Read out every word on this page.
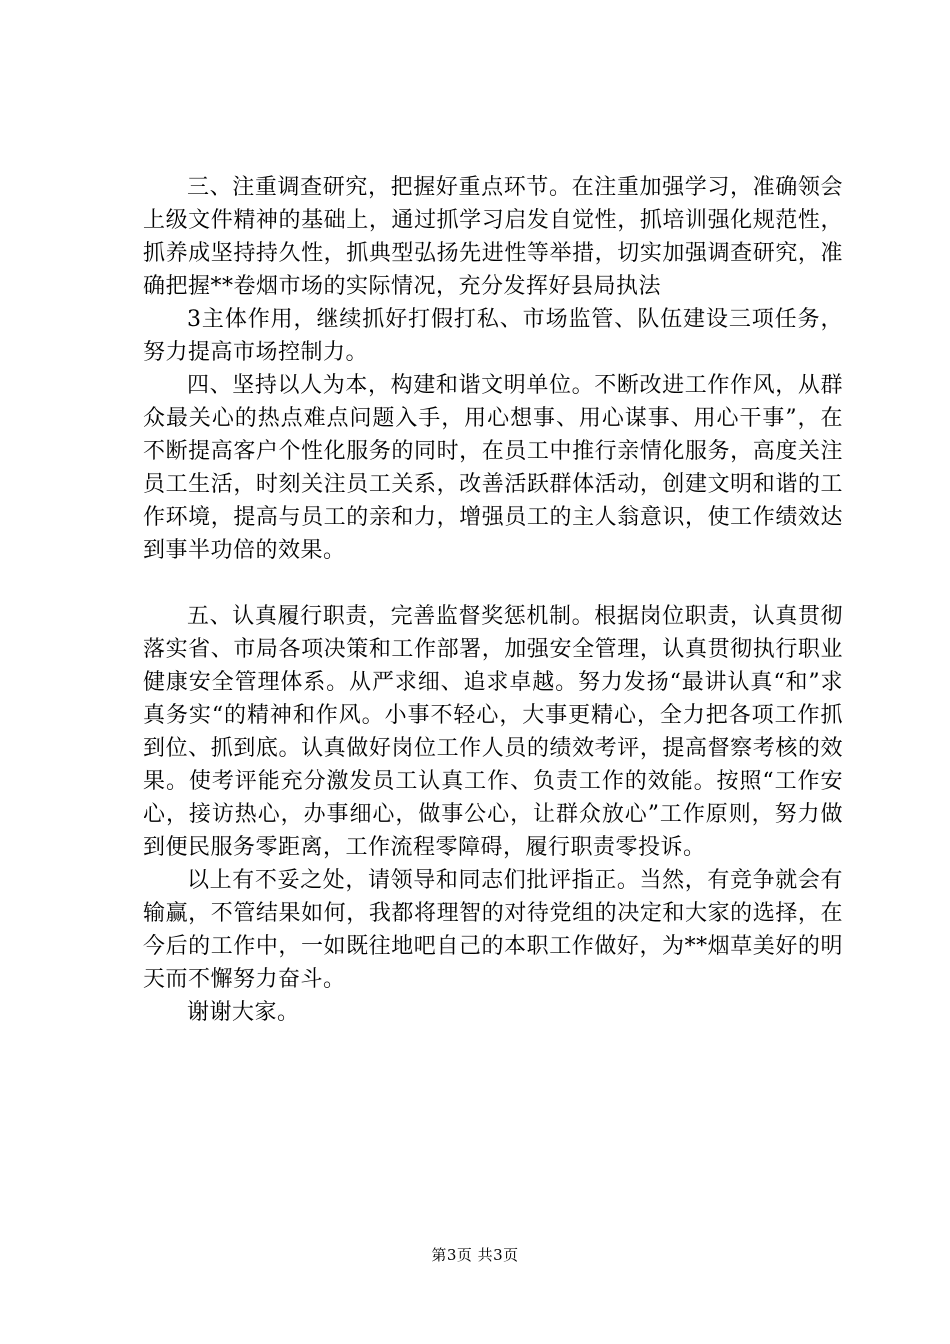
三、注重调查研究，把握好重点环节。在注重加强学习，准确领会上级文件精神的基础上，通过抓学习启发自觉性，抓培训强化规范性，抓养成坚持持久性，抓典型弘扬先进性等举措，切实加强调查研究，准确把握**卷烟市场的实际情况，充分发挥好县局执法

3主体作用，继续抓好打假打私、市场监管、队伍建设三项任务，努力提高市场控制力。

四、坚持以人为本，构建和谐文明单位。不断改进工作作风，从群众最关心的热点难点问题入手，用心想事、用心谋事、用心干事”，在不断提高客户个性化服务的同时，在员工中推行亲情化服务，高度关注员工生活，时刻关注员工关系，改善活跃群体活动，创建文明和谐的工作环境，提高与员工的亲和力，增强员工的主人翁意识，使工作绩效达到事半功倍的效果。

五、认真履行职责，完善监督奖惩机制。根据岗位职责，认真贯彻落实省、市局各项决策和工作部署，加强安全管理，认真贯彻执行职业健康安全管理体系。从严求细、追求卓越。努力发扬“最讲认真“和”求真务实“的精神和作风。小事不轻心，大事更精心，全力把各项工作抓到位、抓到底。认真做好岗位工作人员的绩效考评，提高督察考核的效果。使考评能充分激发员工认真工作、负责工作的效能。按照“工作安心，接访热心，办事细心，做事公心，让群众放心”工作原则，努力做到便民服务零距离，工作流程零障碍，履行职责零投诉。

以上有不妥之处，请领导和同志们批评指正。当然，有竞争就会有输赢，不管结果如何，我都将理智的对待党组的决定和大家的选择，在今后的工作中，一如既往地吧自己的本职工作做好，为**烟草美好的明天而不懈努力奋斗。

谢谢大家。

第3页 共3页
